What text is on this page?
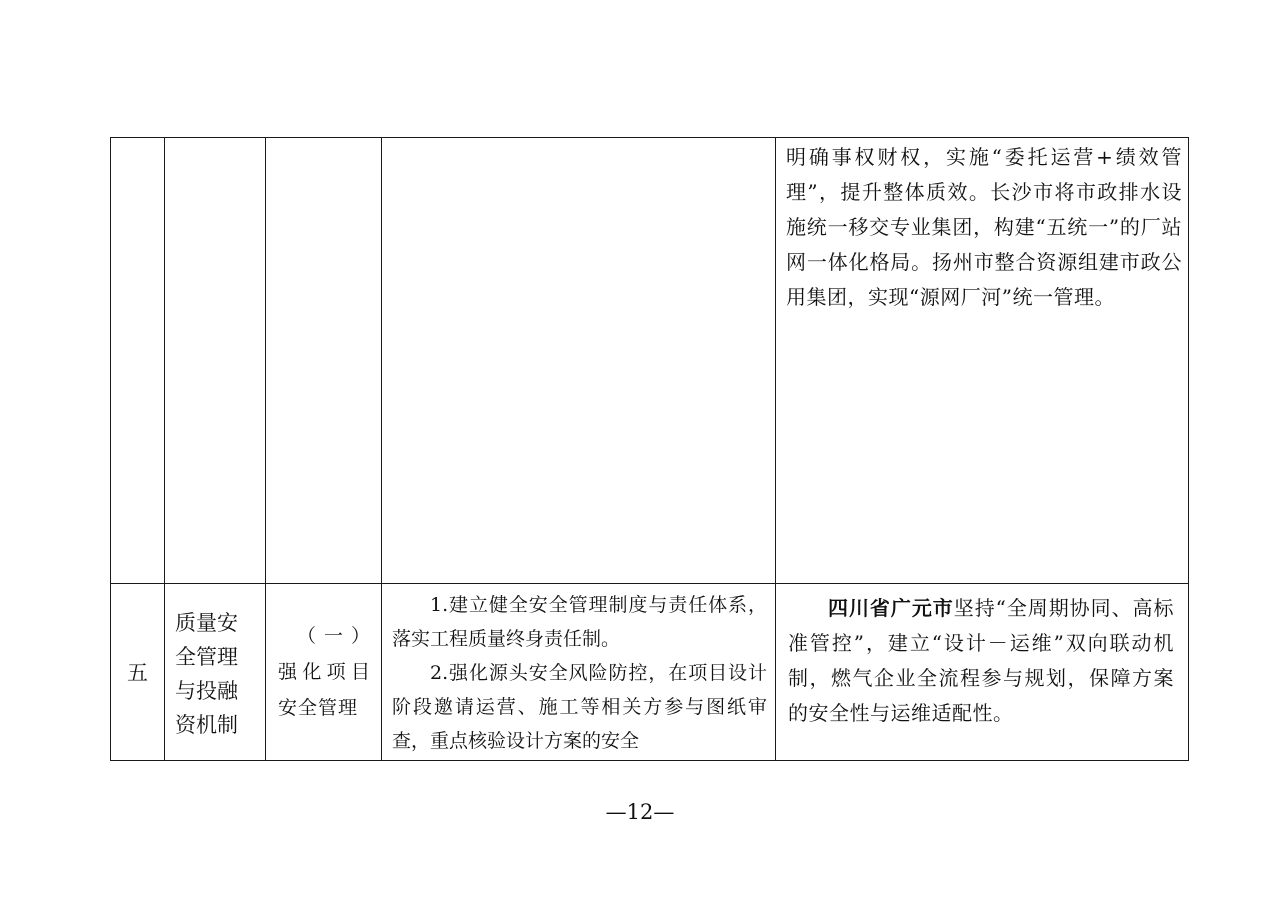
				明确事权财权，实施“委托运营+绩效管理”，提升整体质效。长沙市将市政排水设施统一移交专业集团，构建“五统一”的厂站网一体化格局。扬州市整合资源组建市政公用集团，实现“源网厂河”统一管理。

五	质量安全管理与投融资机制	（一）强化项目安全管理	1.建立健全安全管理制度与责任体系，落实工程质量终身责任制。

2.强化源头安全风险防控，在项目设计阶段邀请运营、施工等相关方参与图纸审查，重点核验设计方案的安全	四川省广元市坚持“全周期协同、高标准管控”，建立“设计－运维”双向联动机制，燃气企业全流程参与规划，保障方案的安全性与运维适配性。
—12—
